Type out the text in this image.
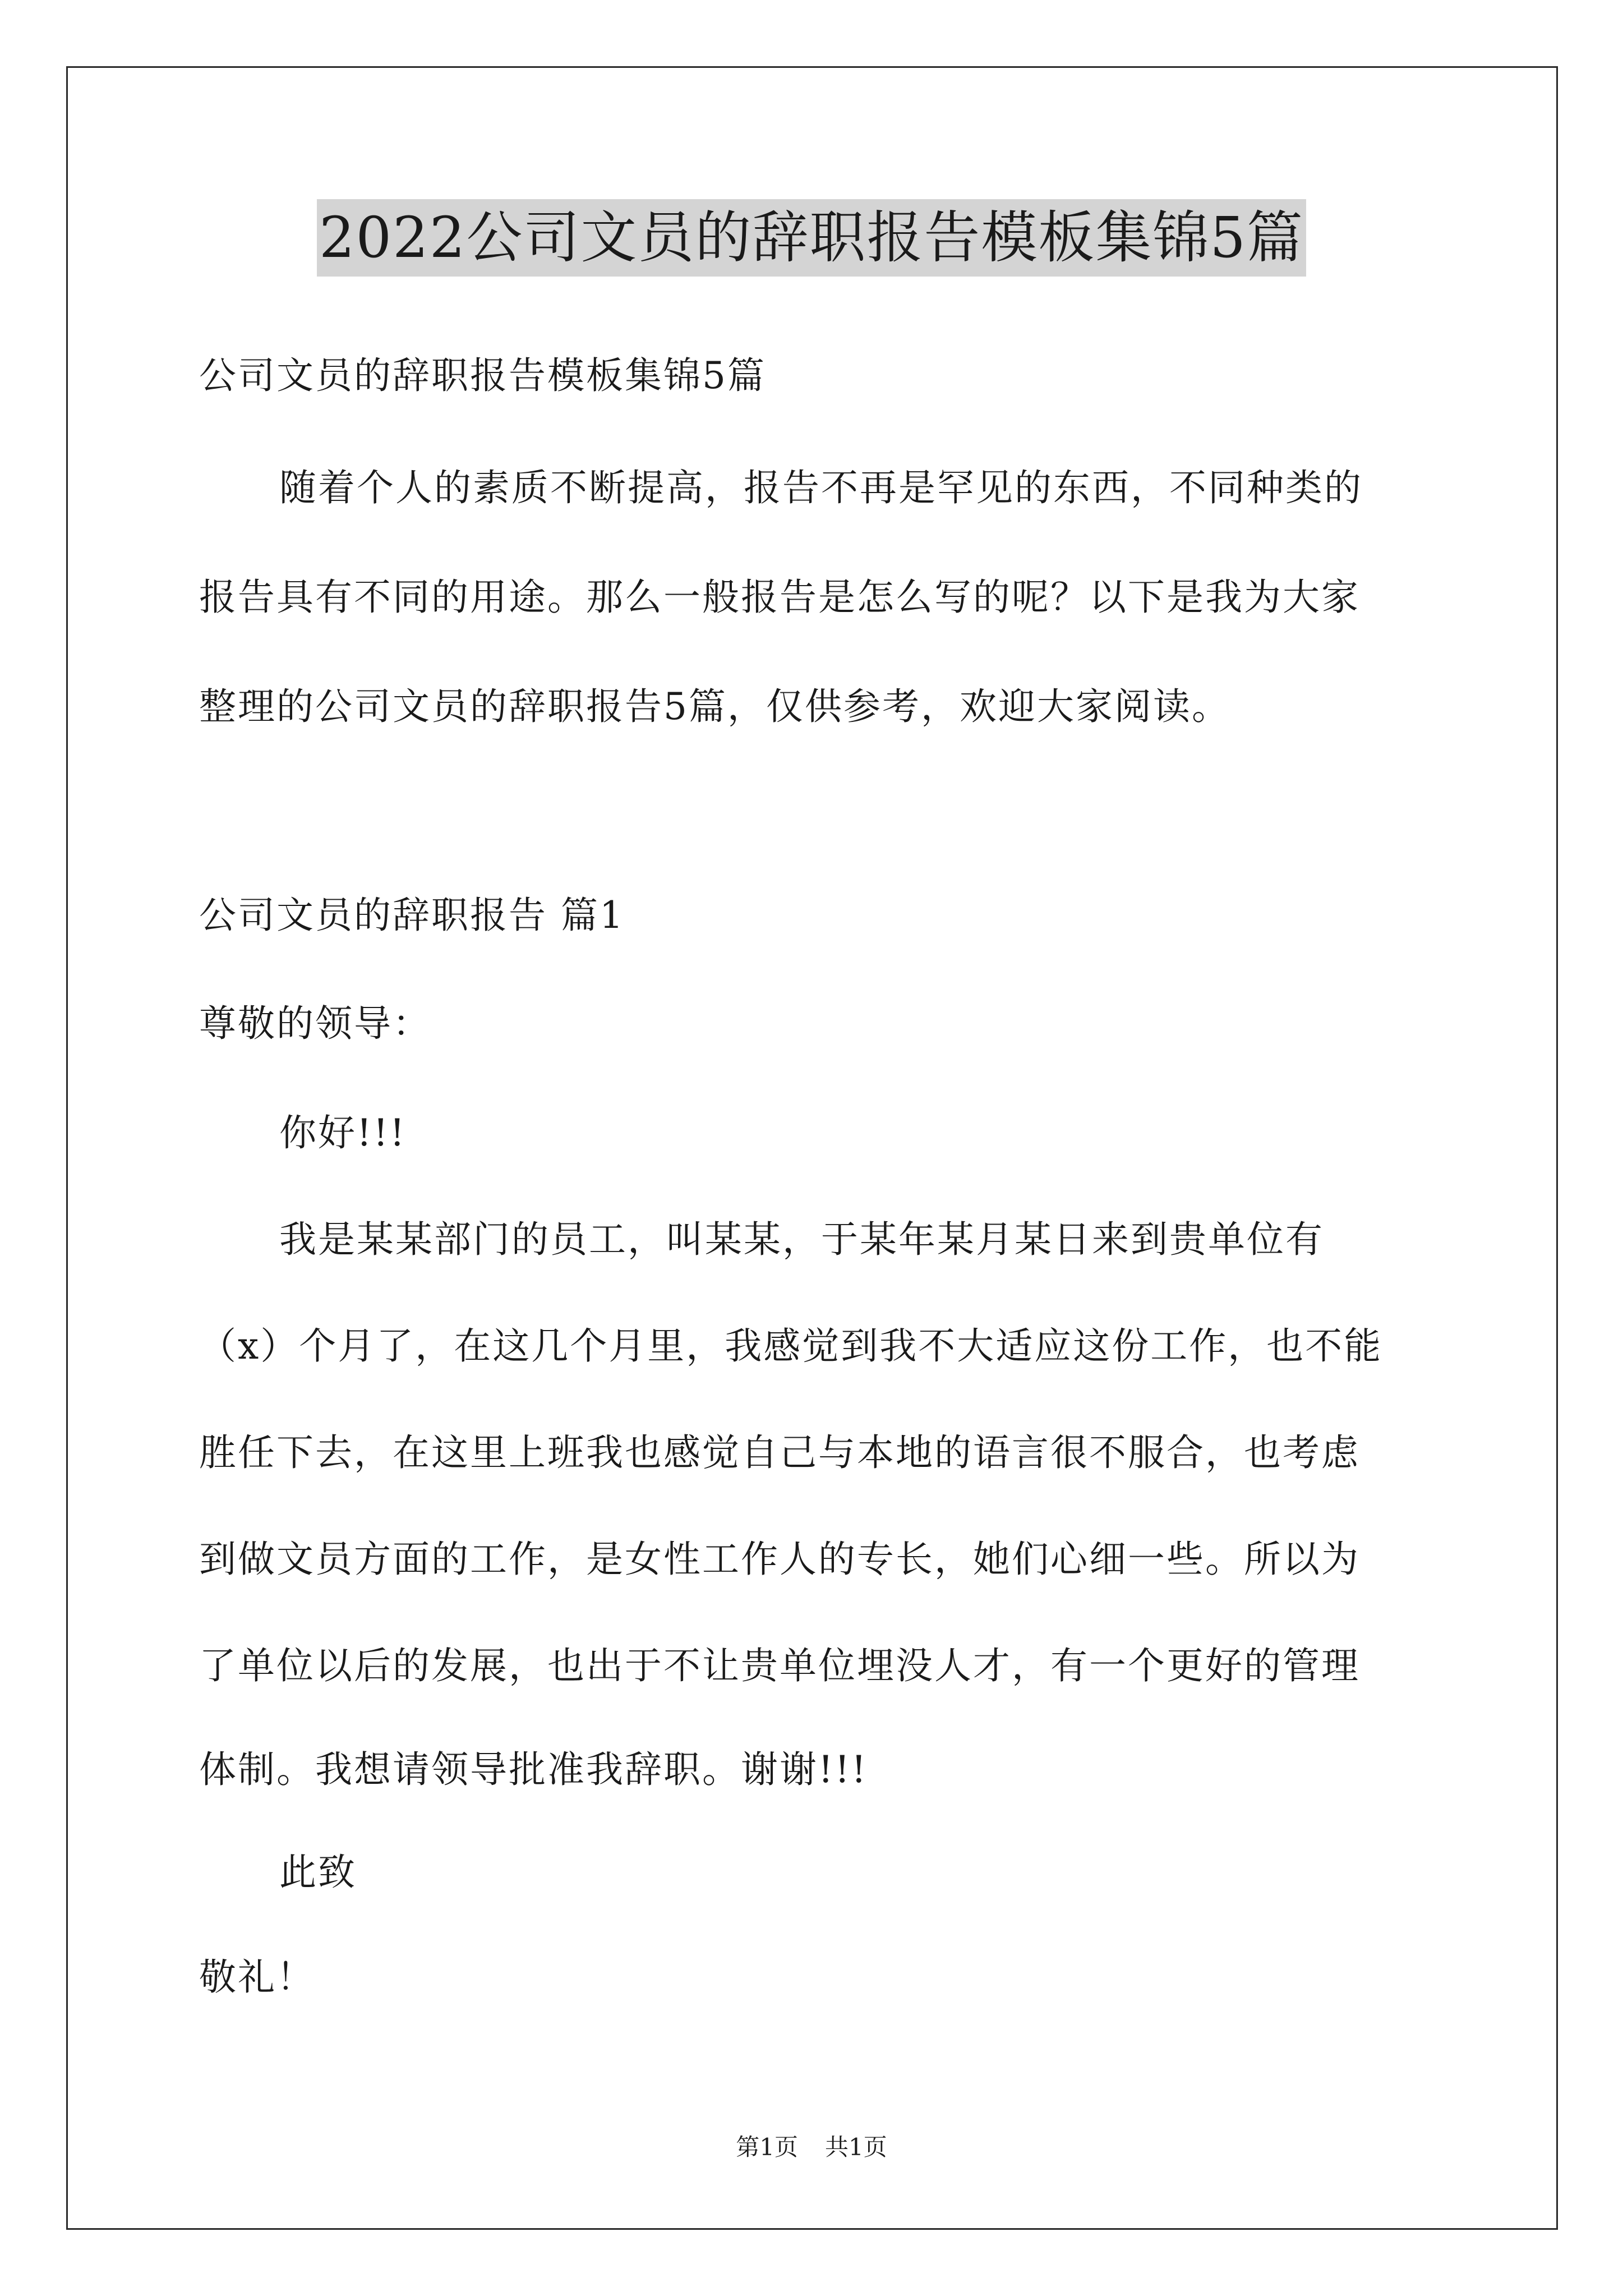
2022公司文员的辞职报告模板集锦5篇
公司文员的辞职报告模板集锦5篇
随着个人的素质不断提高，报告不再是罕见的东西，不同种类的
报告具有不同的用途。那么一般报告是怎么写的呢？以下是我为大家
整理的公司文员的辞职报告5篇，仅供参考，欢迎大家阅读。
公司文员的辞职报告 篇1
尊敬的领导：
你好!!!
我是某某部门的员工，叫某某，于某年某月某日来到贵单位有
（x）个月了，在这几个月里，我感觉到我不大适应这份工作，也不能
胜任下去，在这里上班我也感觉自己与本地的语言很不服合，也考虑
到做文员方面的工作，是女性工作人的专长，她们心细一些。所以为
了单位以后的发展，也出于不让贵单位埋没人才，有一个更好的管理
体制。我想请领导批准我辞职。谢谢!!!
此致
敬礼！
第1页 共1页
